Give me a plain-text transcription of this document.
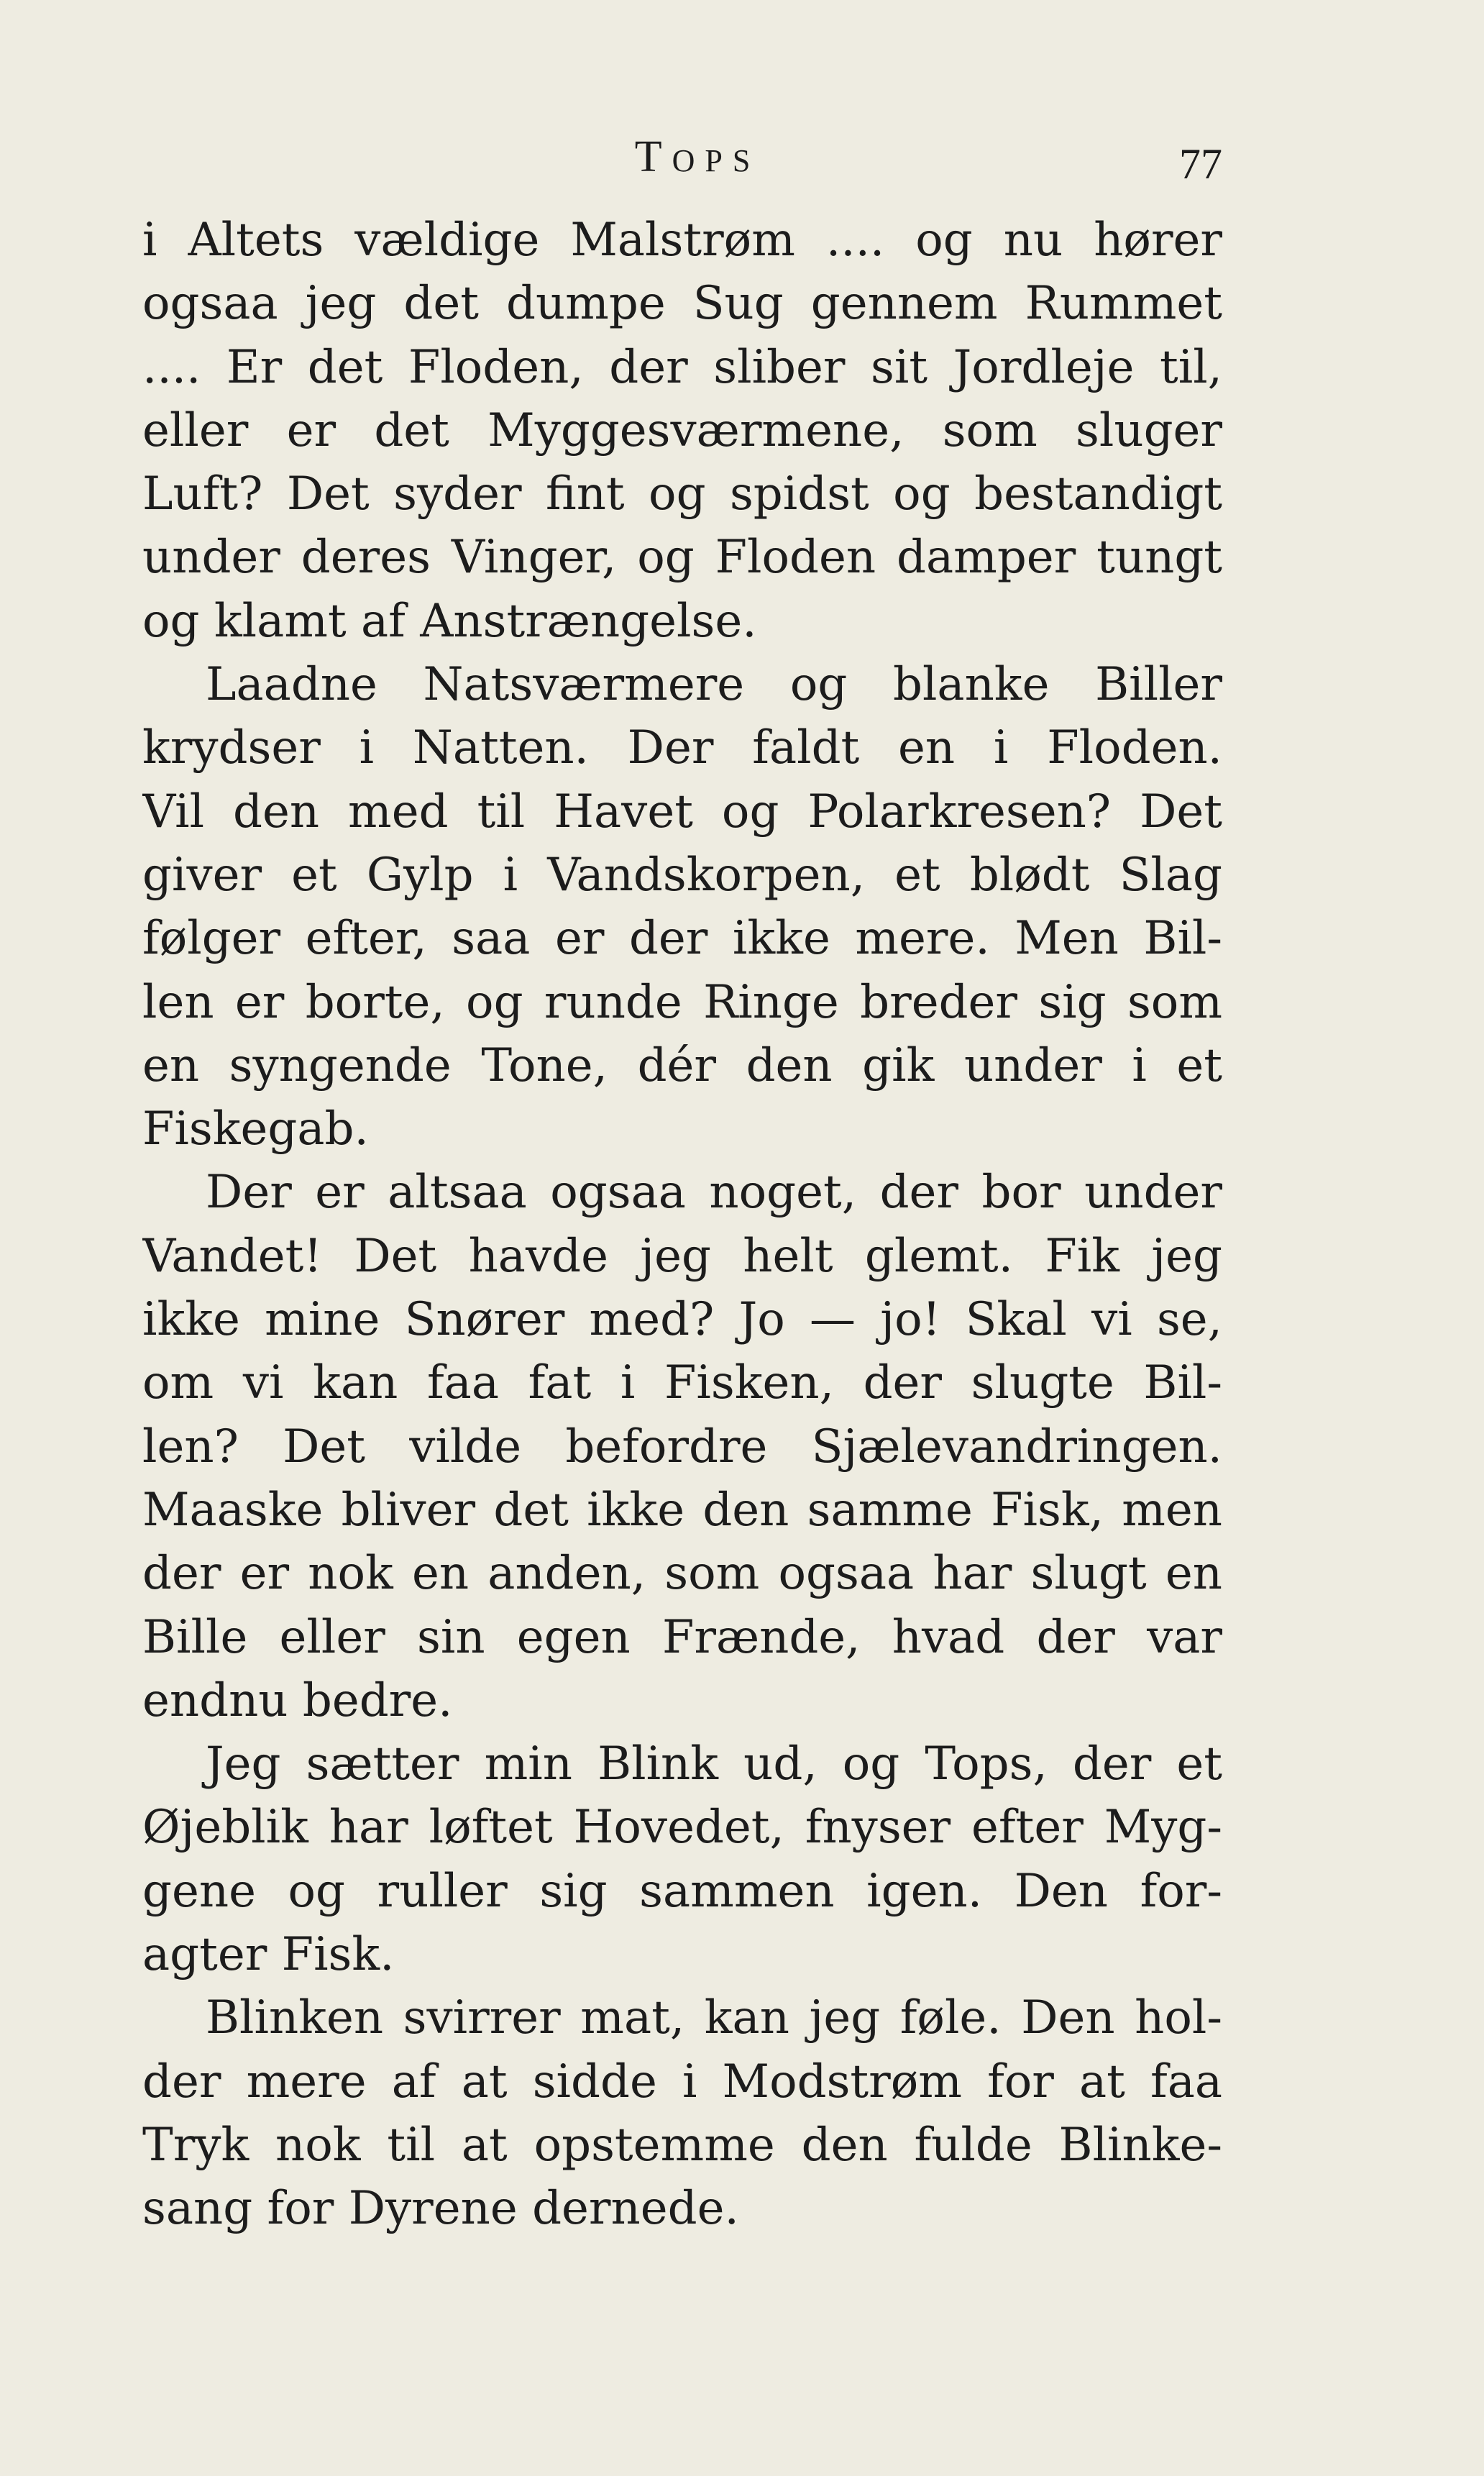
TOPS	77
i Altets vældige Malstrøm .... og nu hører
ogsaa jeg det dumpe Sug gennem Rummet
.... Er det Floden, der sliber sit Jordleje til,
eller er det Myggesværmene, som sluger
Luft? Det syder fint og spidst og bestandigt
under deres Vinger, og Floden damper tungt
og klamt af Anstrængelse.
Laadne Natsværmere og blanke Biller
krydser i Natten. Der faldt en i Floden.
Vil den med til Havet og Polarkresen? Det
giver et Gylp i Vandskorpen, et blødt Slag
følger efter, saa er der ikke mere. Men Bil-
len er borte, og runde Ringe breder sig som
en syngende Tone, dér den gik under i et
Fiskegab.
Der er altsaa ogsaa noget, der bor under
Vandet! Det havde jeg helt glemt. Fik jeg
ikke mine Snører med? Jo — jo! Skal vi se,
om vi kan faa fat i Fisken, der slugte Bil-
len? Det vilde befordre Sjælevandringen.
Maaske bliver det ikke den samme Fisk, men
der er nok en anden, som ogsaa har slugt en
Bille eller sin egen Frænde, hvad der var
endnu bedre.
Jeg sætter min Blink ud, og Tops, der et
Øjeblik har løftet Hovedet, fnyser efter Myg-
gene og ruller sig sammen igen. Den for-
agter Fisk.
Blinken svirrer mat, kan jeg føle. Den hol-
der mere af at sidde i Modstrøm for at faa
Tryk nok til at opstemme den fulde Blinke-
sang for Dyrene dernede.
